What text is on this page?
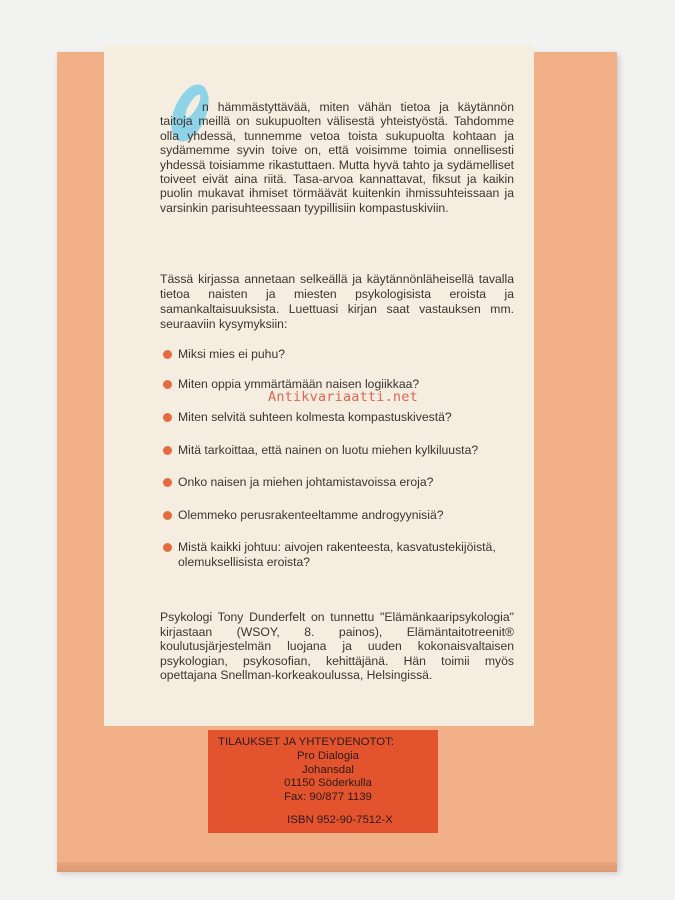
n hämmästyttävää, miten vähän tietoa ja käytännön taitoja meillä on sukupuolten välisestä yhteistyöstä. Tahdomme olla yhdessä, tunnemme vetoa toista sukupuolta kohtaan ja sydämemme syvin toive on, että voisimme toimia onnellisesti yhdessä toisiamme rikastuttaen. Mutta hyvä tahto ja sydämelliset toiveet eivät aina riitä. Tasa-arvoa kannattavat, fiksut ja kaikin puolin mukavat ihmiset törmäävät kuitenkin ihmissuhteissaan ja varsinkin parisuhteessaan tyypillisiin kompastuskiviin.
Tässä kirjassa annetaan selkeällä ja käytännönläheisellä tavalla tietoa naisten ja miesten psykologisista eroista ja samankaltaisuuksista. Luettuasi kirjan saat vastauksen mm. seuraaviin kysymyksiin:
Miksi mies ei puhu?
Miten oppia ymmärtämään naisen logiikkaa?
Miten selvitä suhteen kolmesta kompastuskivestä?
Mitä tarkoittaa, että nainen on luotu miehen kylkiluusta?
Onko naisen ja miehen johtamistavoissa eroja?
Olemmeko perusrakenteeltamme androgyynisiä?
Mistä kaikki johtuu: aivojen rakenteesta, kasvatustekijöistä, olemuksellisista eroista?
Psykologi Tony Dunderfelt on tunnettu "Elämänkaaripsykologia" kirjastaan (WSOY, 8. painos), Elämäntaitotreenit® koulutusjärjestelmän luojana ja uuden kokonaisvaltaisen psykologian, psykosofian, kehittäjänä. Hän toimii myös opettajana Snellman-korkeakoulussa, Helsingissä.
TILAUKSET JA YHTEYDENOTOT:
Pro Dialogia
Johansdal
01150 Söderkulla
Fax: 90/877 1139
ISBN 952-90-7512-X
Antikvariaatti.net
